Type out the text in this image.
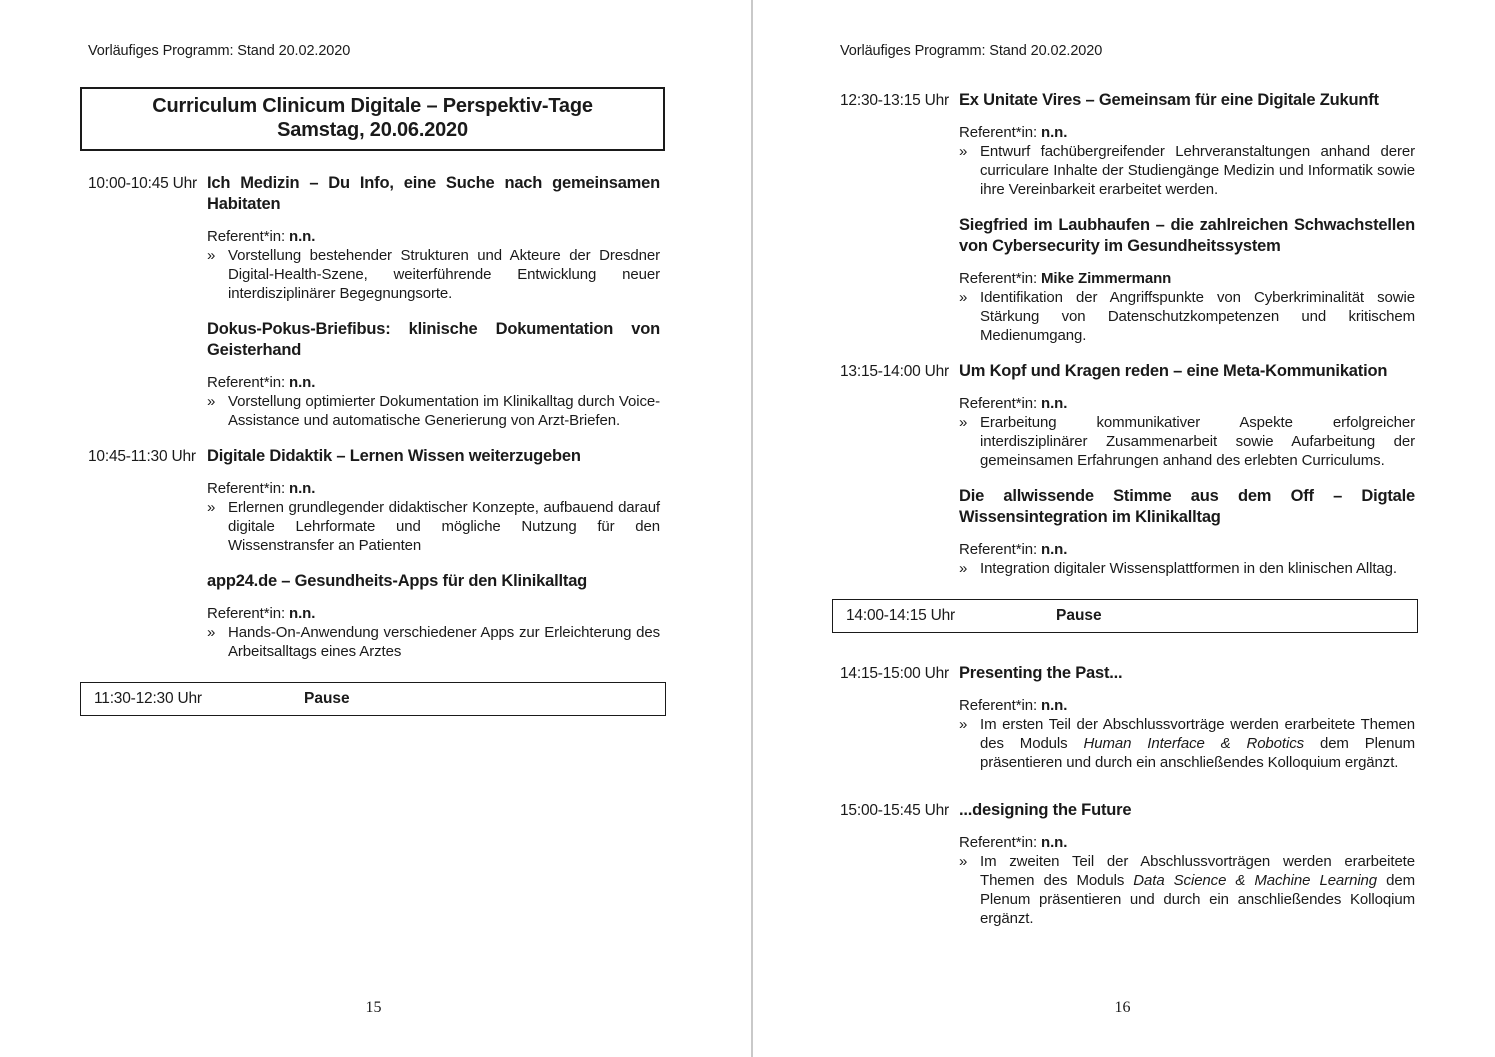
Vorläufiges Programm: Stand 20.02.2020
Curriculum Clinicum Digitale – Perspektiv-Tage
Samstag, 20.06.2020
10:00-10:45 Uhr Ich Medizin – Du Info, eine Suche nach gemeinsamen Habitaten
Referent*in: n.n.
» Vorstellung bestehender Strukturen und Akteure der Dresdner Digital-Health-Szene, weiterführende Entwicklung neuer interdisziplinärer Begegnungsorte.
Dokus-Pokus-Briefibus: klinische Dokumentation von Geisterhand
Referent*in: n.n.
» Vorstellung optimierter Dokumentation im Klinikalltag durch Voice-Assistance und automatische Generierung von Arzt-Briefen.
10:45-11:30 Uhr Digitale Didaktik – Lernen Wissen weiterzugeben
Referent*in: n.n.
» Erlernen grundlegender didaktischer Konzepte, aufbauend darauf digitale Lehrformate und mögliche Nutzung für den Wissenstransfer an Patienten
app24.de – Gesundheits-Apps für den Klinikalltag
Referent*in: n.n.
» Hands-On-Anwendung verschiedener Apps zur Erleichterung des Arbeitsalltags eines Arztes
11:30-12:30 Uhr	Pause
15
Vorläufiges Programm: Stand 20.02.2020
12:30-13:15 Uhr Ex Unitate Vires – Gemeinsam für eine Digitale Zukunft
Referent*in: n.n.
» Entwurf fachübergreifender Lehrveranstaltungen anhand derer curriculare Inhalte der Studiengänge Medizin und Informatik sowie ihre Vereinbarkeit erarbeitet werden.
Siegfried im Laubhaufen – die zahlreichen Schwachstellen von Cybersecurity im Gesundheitssystem
Referent*in: Mike Zimmermann
» Identifikation der Angriffspunkte von Cyberkriminalität sowie Stärkung von Datenschutzkompetenzen und kritischem Medienumgang.
13:15-14:00 Uhr Um Kopf und Kragen reden – eine Meta-Kommunikation
Referent*in: n.n.
» Erarbeitung kommunikativer Aspekte erfolgreicher interdisziplinärer Zusammenarbeit sowie Aufarbeitung der gemeinsamen Erfahrungen anhand des erlebten Curriculums.
Die allwissende Stimme aus dem Off – Digtale Wissensintegration im Klinikalltag
Referent*in: n.n.
» Integration digitaler Wissensplattformen in den klinischen Alltag.
14:00-14:15 Uhr	Pause
14:15-15:00 Uhr Presenting the Past...
Referent*in: n.n.
» Im ersten Teil der Abschlussvorträge werden erarbeitete Themen des Moduls Human Interface & Robotics dem Plenum präsentieren und durch ein anschließendes Kolloquium ergänzt.
15:00-15:45 Uhr ...designing the Future
Referent*in: n.n.
» Im zweiten Teil der Abschlussvorträgen werden erarbeitete Themen des Moduls Data Science & Machine Learning dem Plenum präsentieren und durch ein anschließendes Kolloqium ergänzt.
16
